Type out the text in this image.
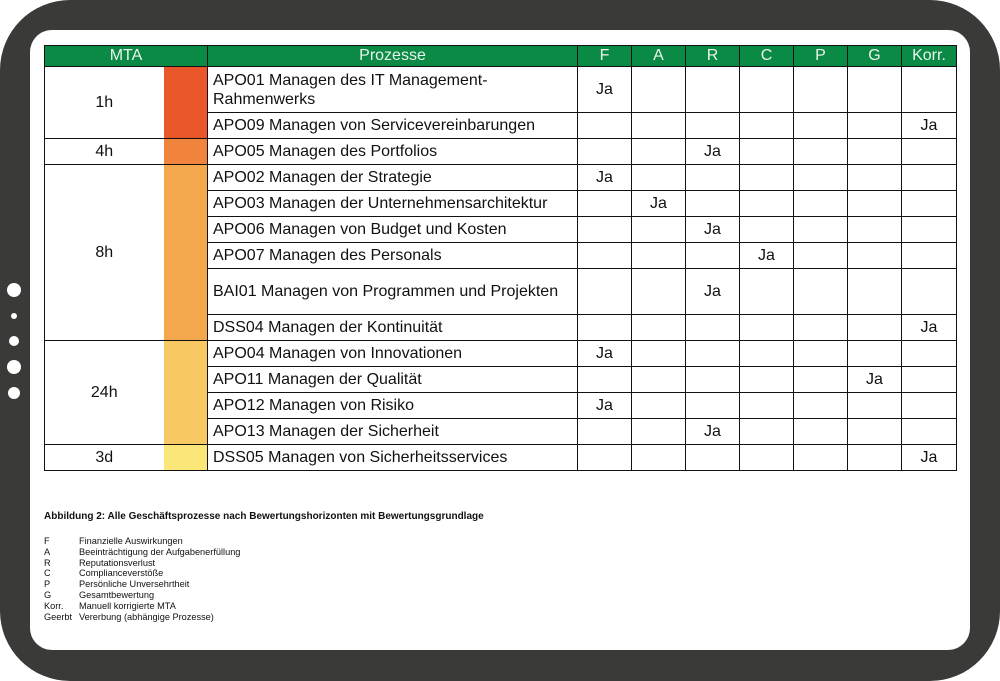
MTA		Prozesse	F	A	R	C	P	G	Korr.
1h		APO01 Managen des IT Management-Rahmenwerks	Ja						
		APO09 Managen von Servicevereinbarungen							Ja
4h		APO05 Managen des Portfolios			Ja				
8h		APO02 Managen der Strategie	Ja						
		APO03 Managen der Unternehmensarchitektur		Ja					
		APO06 Managen von Budget und Kosten			Ja				
		APO07 Managen des Personals				Ja			
		BAI01 Managen von Programmen und Projekten			Ja				
		DSS04 Managen der Kontinuität							Ja
24h		APO04 Managen von Innovationen	Ja						
		APO11 Managen der Qualität						Ja	
		APO12 Managen von Risiko	Ja						
		APO13 Managen der Sicherheit			Ja				
3d		DSS05 Managen von Sicherheitsservices							Ja
Abbildung 2: Alle Geschäftsprozesse nach Bewertungshorizonten mit Bewertungsgrundlage
F	Finanzielle Auswirkungen
A	Beeinträchtigung der Aufgabenerfüllung
R	Reputationsverlust
C	Complianceverstöße
P	Persönliche Unversehrtheit
G	Gesamtbewertung
Korr. Manuell korrigierte MTA
Geerbt Vererbung (abhängige Prozesse)
